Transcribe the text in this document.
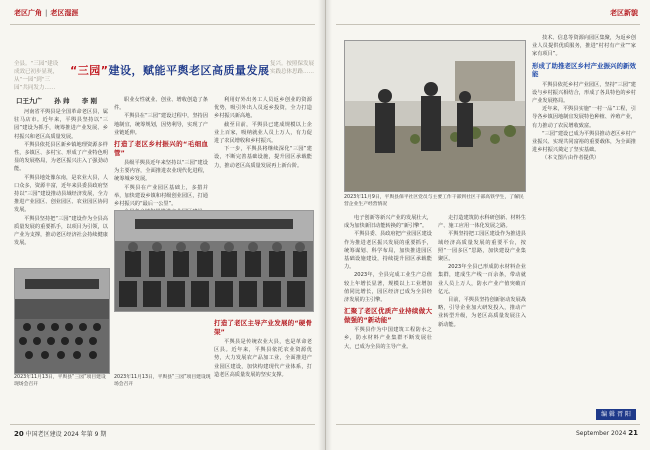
老区广角 | 老区湿涯
全县。“三园”建设成效已初步显现，从“一园”到“三园”共同发力……
“三园”建设，赋能平舆老区高质量发展 复兴。按照保发展实践总体思路……
口王九广 孙 帅 李 刚

河南省平舆县是全国革命老区县，属驻马店市。近年来，平舆县坚持以“三园”建设为抓手，统筹推进产业发展、乡村振兴和老区高质量发展。

平舆县依托县区新乡镇地理资源多样性，多镇区、多村宝、形成了产业特色明显的发展格局，为老区振兴注入了强劲动能。

平舆县地处豫东南，是农业大县，人口众多，资源丰富，近年来县委县政府坚持以“三园”建设推动县域经济发展，全力推进产业园区、创业园区、农业园区协同发展。

平舆县坚持把“三园”建设作为全县高质量发展的重要抓手，以项目为引领，以产业为支撑，推动老区经济社会持续健康发展。

2023年11月13日，平舆县“三园”项目建设现场会召开

职业女性就业、创业、增收创造了条件。

平舆县在“三园”建设过程中，坚持因地制宜，统筹规划，因势利导，实现了产业链延伸。

打造了老区乡村振兴的“毛细血管”

县级平舆县近年来坚持以“三园”建设为主要内容，全面推进农业现代化进程，统筹城乡发展。

平舆县在产业园区基础上，多措并举，加快建设乡镇和村级创业园区，打通乡村振兴的“最后一公里”。

利用好外出务工人员返乡创业的资源优势，吸引外出人员返乡投资，全力打造乡村振兴新高地。

截至目前，平舆县已建成规模以上企业上百家，吸纳就业人员上万人，有力促进了农民增收和乡村振兴。

下一步，平舆县将继续深化“三园”建设，不断完善基础设施，提升园区承载能力，推动老区高质量发展再上新台阶。

2023年11月13日，平舆县“三园”项目建设现场会召开
打造了老区主导产业发展的“硬骨架”

平舆县是传统农业大县，也是革命老区县。近年来，平舆县依托农业资源优势，大力发展农产品加工业，全面推进产业园区建设，加快构建现代产业体系，打造老区高质量发展的坚实支撑。

20 中国老区建设 2024 年第 9 期
老区新貌
2023年11月9日，平舆县保平社区党员与主要工作干部到社区干部高铁学生，了解民营企业生产经营情况

电子创新等新兴产业的发展壮大，成为加快新旧动能转换的“新引擎”。

平舆县委、县政府把产业园区建设作为推进老区振兴发展的重要抓手，统筹谋划、科学布局，加快推进园区基础设施建设，持续提升园区承载能力。

2023年，全县完成工业生产总值较上年增长显著，规模以上工业增加值同比增长，园区经济已成为全县经济发展的主引擎。

汇聚了老区优质产业持续做大做强的“新动能”

平舆县作为中国建筑工程防水之乡，防水材料产业集群不断发展壮大，已成为全县的主导产业。

走打造建筑防水科研创新、材料生产、施工应用一体化发展之路。

平舆坚持把工园区建设作为推进县域经济高质量发展的重要平台，按照“一园多区”思路，加快建设产业集聚区。

2023年全县已形成防水材料企业集群，建成生产线一百余条，带动就业人员上万人，防水产业产值突破百亿元。

目前，平舆县坚持创新驱动发展战略，引导企业加大研发投入，推动产业转型升级，为老区高质量发展注入新动能。

技术、信息等资源向园区集聚，为返乡创业人员提供优质服务，推进“村村有产业”“家家有项目”。

形成了助推老区乡村产业振兴的新效能

平舆县依托乡村产业园区，坚持“三园”建设与乡村振兴相结合，形成了各具特色的乡村产业发展格局。

近年来，平舆县实施“一村一品”工程，引导各乡镇因地制宜发展特色种植、养殖产业，有力推动了农民增收致富。

“三园”建设已成为平舆县推动老区乡村产业振兴、实现共同富裕的重要载体，为全面推进乡村振兴奠定了坚实基础。

（本文图片由作者提供）

编 辑 胥 阳
September 2024 21
